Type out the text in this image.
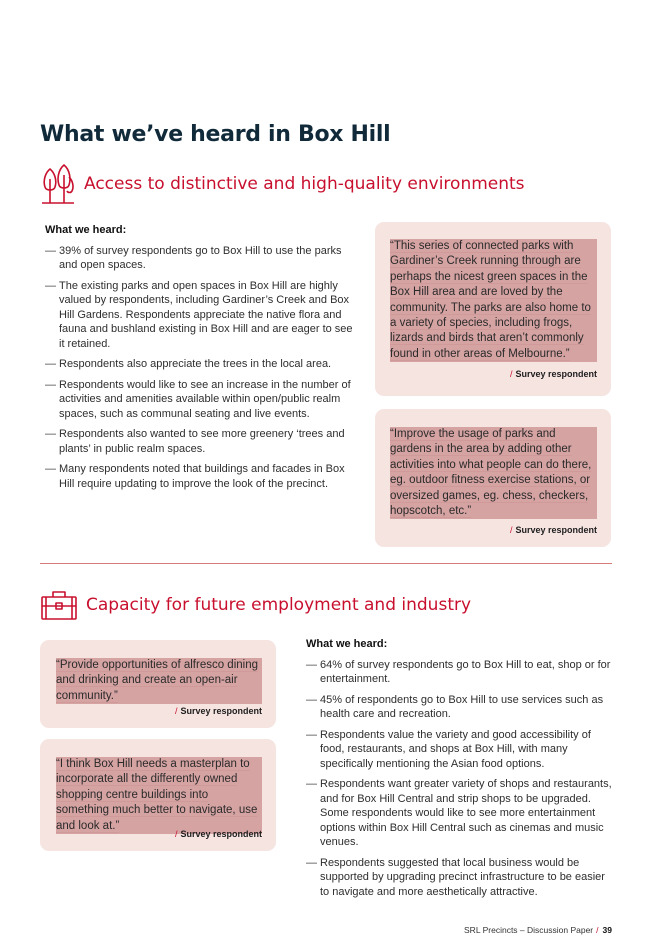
What we’ve heard in Box Hill
Access to distinctive and high-quality environments
What we heard:
— 39% of survey respondents go to Box Hill to use the parks and open spaces.
— The existing parks and open spaces in Box Hill are highly valued by respondents, including Gardiner’s Creek and Box Hill Gardens. Respondents appreciate the native flora and fauna and bushland existing in Box Hill and are eager to see it retained.
— Respondents also appreciate the trees in the local area.
— Respondents would like to see an increase in the number of activities and amenities available within open/public realm spaces, such as communal seating and live events.
— Respondents also wanted to see more greenery ‘trees and plants’ in public realm spaces.
— Many respondents noted that buildings and facades in Box Hill require updating to improve the look of the precinct.
“This series of connected parks with Gardiner’s Creek running through are perhaps the nicest green spaces in the Box Hill area and are loved by the community. The parks are also home to a variety of species, including frogs, lizards and birds that aren’t commonly found in other areas of Melbourne.”
/ Survey respondent
“Improve the usage of parks and gardens in the area by adding other activities into what people can do there, eg. outdoor fitness exercise stations, or oversized games, eg. chess, checkers, hopscotch, etc.”
/ Survey respondent
Capacity for future employment and industry
“Provide opportunities of alfresco dining and drinking and create an open-air community.”
/ Survey respondent
“I think Box Hill needs a masterplan to incorporate all the differently owned shopping centre buildings into something much better to navigate, use and look at.”
/ Survey respondent
What we heard:
— 64% of survey respondents go to Box Hill to eat, shop or for entertainment.
— 45% of respondents go to Box Hill to use services such as health care and recreation.
— Respondents value the variety and good accessibility of food, restaurants, and shops at Box Hill, with many specifically mentioning the Asian food options.
— Respondents want greater variety of shops and restaurants, and for Box Hill Central and strip shops to be upgraded. Some respondents would like to see more entertainment options within Box Hill Central such as cinemas and music venues.
— Respondents suggested that local business would be supported by upgrading precinct infrastructure to be easier to navigate and more aesthetically attractive.
SRL Precincts – Discussion Paper / 39
